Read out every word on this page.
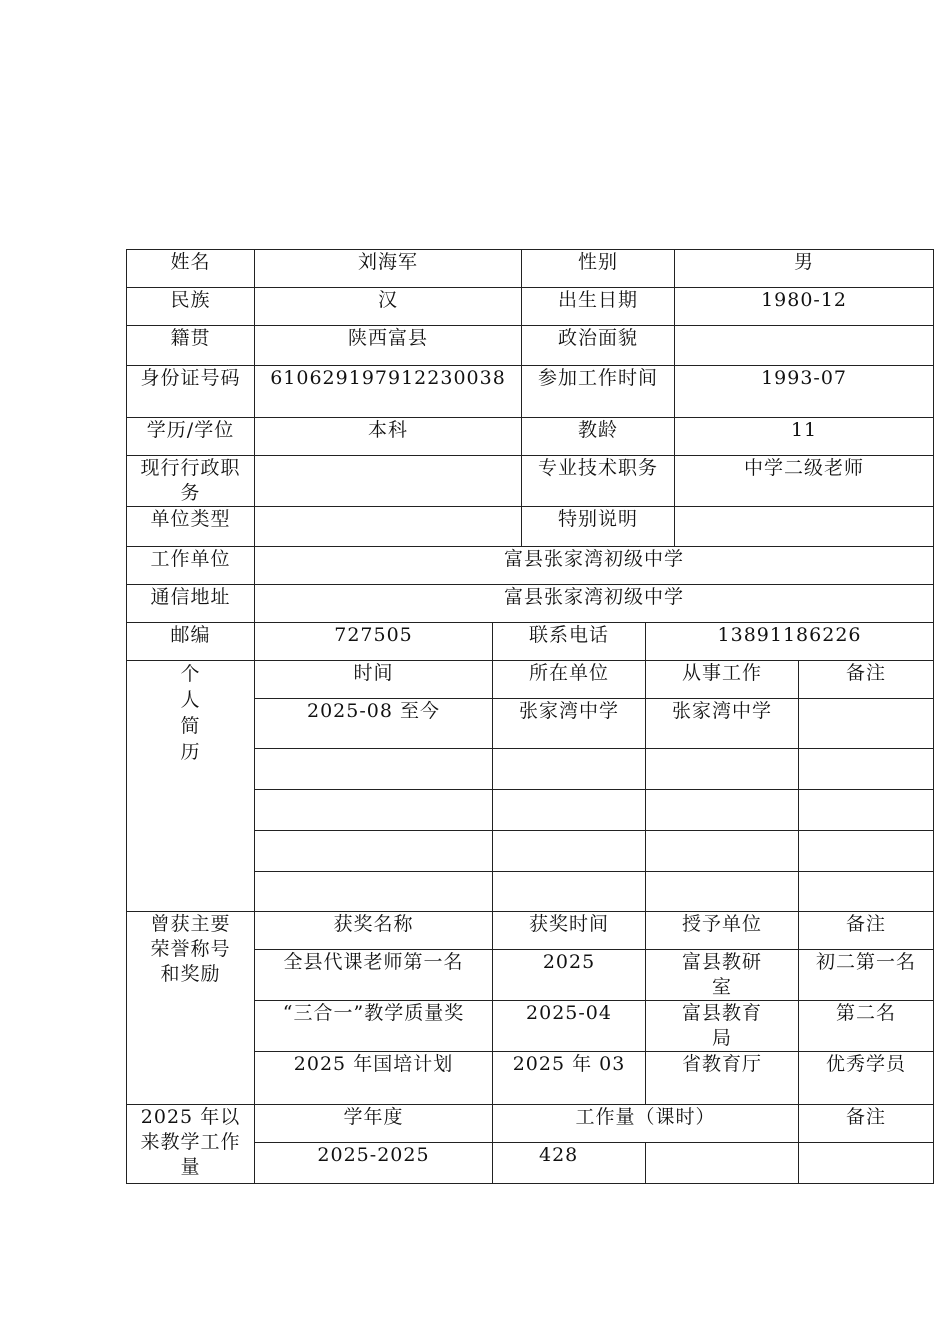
姓名	刘海军		性别		男	
民族	汉		出生日期		1980-12	
籍贯	陕西富县		政治面貌			
身份证号码	610629197912230038		参加工作时间		1993-07	
学历/学位	本科		教龄		11	
现行行政职务			专业技术职务		中学二级老师	
单位类型			特别说明			
工作单位	富县张家湾初级中学					
通信地址	富县张家湾初级中学					
邮编	727505	联系电话		13891186226		
个人简历	时间	所在单位		从事工作		备注
	2025-08 至今	张家湾中学		张家湾中学		

曾获主要荣誉称号和奖励	获奖名称	获奖时间		授予单位		备注
	全县代课老师第一名	2025		富县教研室		初二第一名
	“三合一”教学质量奖	2025-04		富县教育局		第二名
	2025 年国培计划	2025 年 03		省教育厅		优秀学员
2025 年以来教学工作量	学年度	工作量（课时）				备注
	2025-2025	428				
